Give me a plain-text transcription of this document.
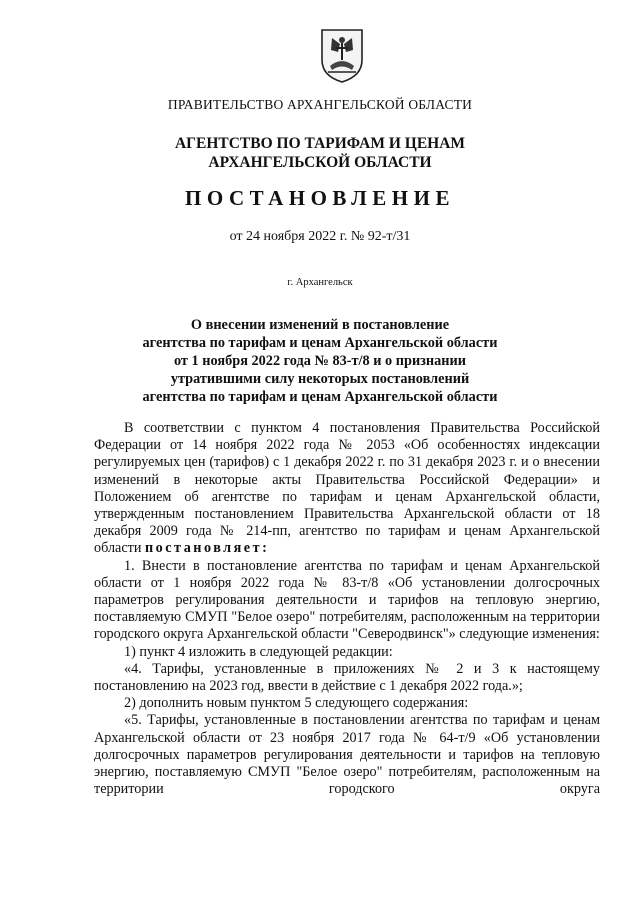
ПРАВИТЕЛЬСТВО АРХАНГЕЛЬСКОЙ ОБЛАСТИ
АГЕНТСТВО ПО ТАРИФАМ И ЦЕНАМ
АРХАНГЕЛЬСКОЙ ОБЛАСТИ
ПОСТАНОВЛЕНИЕ
от 24 ноября 2022 г. № 92-т/31
г. Архангельск
О внесении изменений в постановление
агентства по тарифам и ценам Архангельской области
от 1 ноября 2022 года № 83-т/8 и о признании
утратившими силу некоторых постановлений
агентства по тарифам и ценам Архангельской области

В соответствии с пунктом 4 постановления Правительства Российской Федерации от 14 ноября 2022 года № 2053 «Об особенностях индексации регулируемых цен (тарифов) с 1 декабря 2022 г. по 31 декабря 2023 г. и о внесении изменений в некоторые акты Правительства Российской Федерации» и Положением об агентстве по тарифам и ценам Архангельской области, утвержденным постановлением Правительства Архангельской области от 18 декабря 2009 года № 214-пп, агентство по тарифам и ценам Архангельской области постановляет:

1. Внести в постановление агентства по тарифам и ценам Архангельской области от 1 ноября 2022 года № 83-т/8 «Об установлении долгосрочных параметров регулирования деятельности и тарифов на тепловую энергию, поставляемую СМУП "Белое озеро" потребителям, расположенным на территории городского округа Архангельской области "Северодвинск"» следующие изменения:

1) пункт 4 изложить в следующей редакции:

«4. Тарифы, установленные в приложениях № 2 и 3 к настоящему постановлению на 2023 год, ввести в действие с 1 декабря 2022 года.»;

2) дополнить новым пунктом 5 следующего содержания:

«5. Тарифы, установленные в постановлении агентства по тарифам и ценам Архангельской области от 23 ноября 2017 года № 64-т/9 «Об установлении долгосрочных параметров регулирования деятельности и тарифов на тепловую энергию, поставляемую СМУП "Белое озеро" потребителям, расположенным на территории городского округа
